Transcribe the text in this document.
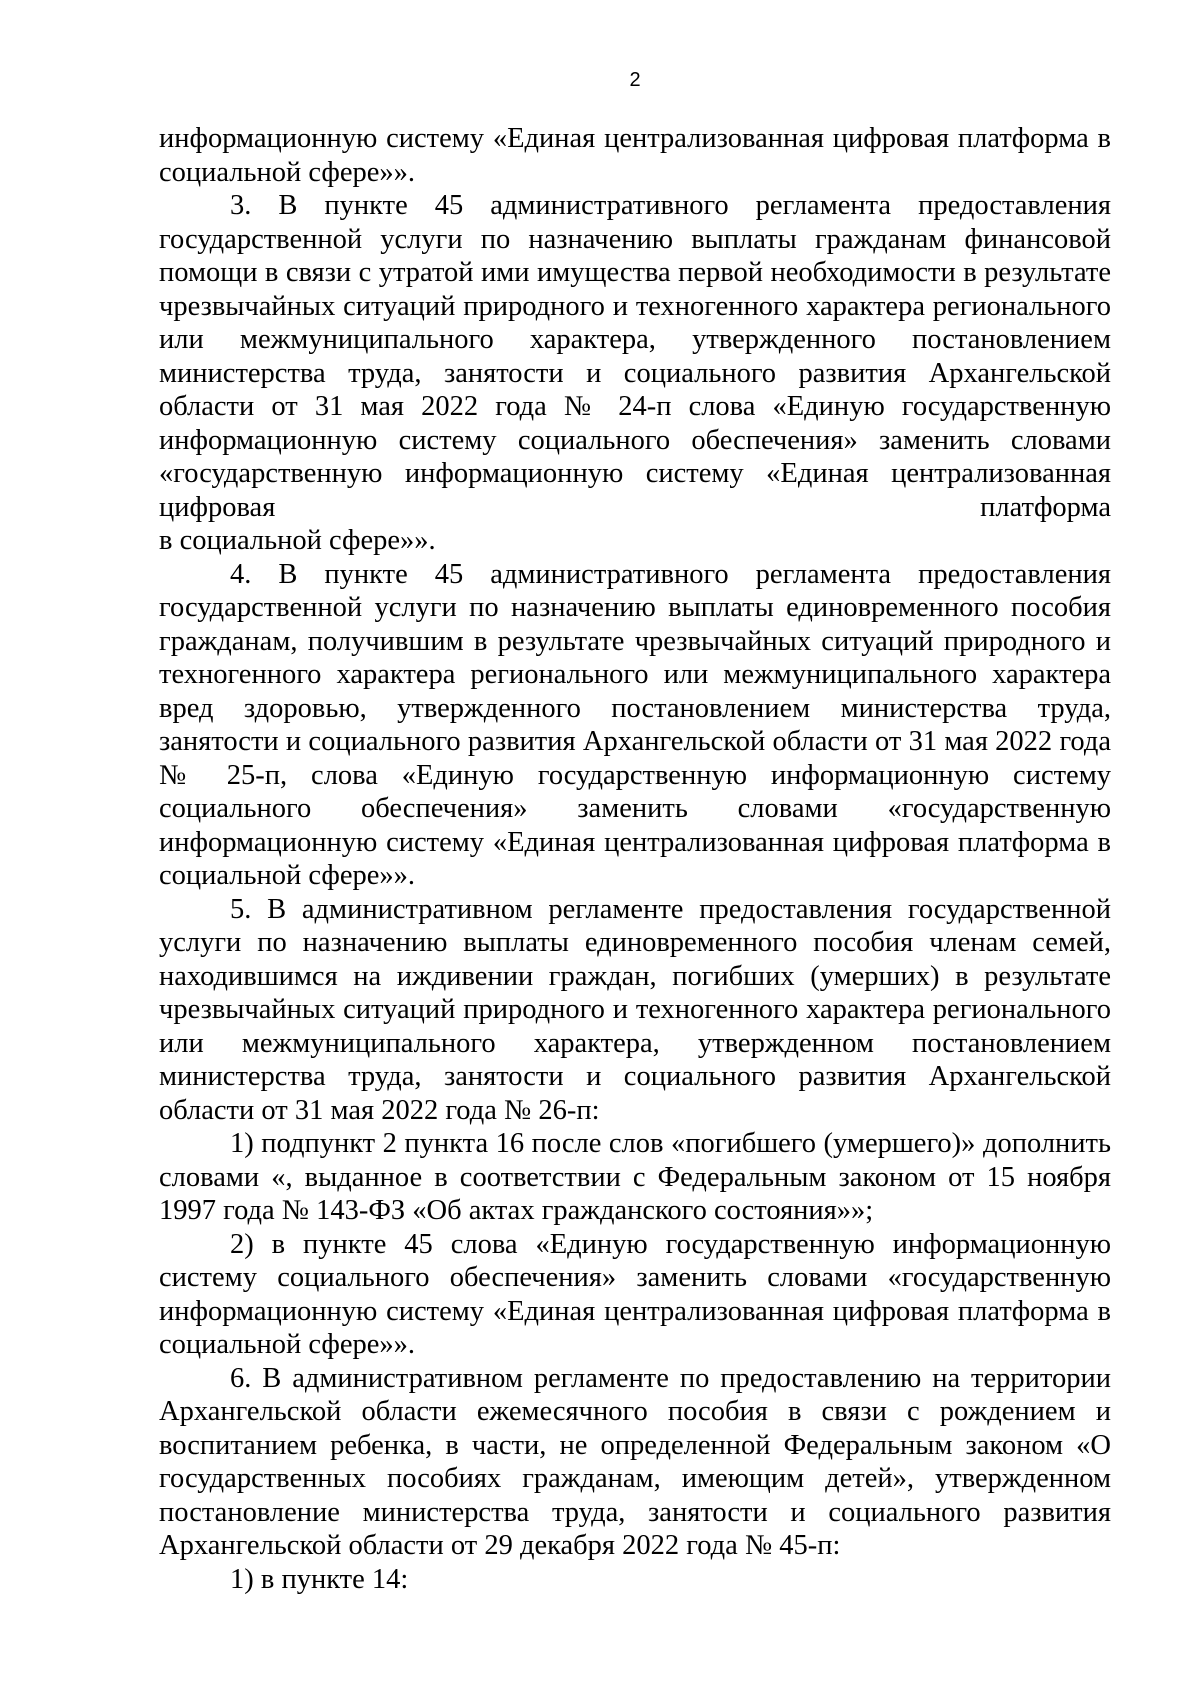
2

информационную систему «Единая централизованная цифровая платформа в социальной сфере»».

3. В пункте 45 административного регламента предоставления государственной услуги по назначению выплаты гражданам финансовой помощи в связи с утратой ими имущества первой необходимости в результате чрезвычайных ситуаций природного и техногенного характера регионального или межмуниципального характера, утвержденного постановлением министерства труда, занятости и социального развития Архангельской области от 31 мая 2022 года № 24-п слова «Единую государственную информационную систему социального обеспечения» заменить словами «государственную информационную систему «Единая централизованная цифровая платформа

в социальной сфере»».

4. В пункте 45 административного регламента предоставления государственной услуги по назначению выплаты единовременного пособия гражданам, получившим в результате чрезвычайных ситуаций природного и техногенного характера регионального или межмуниципального характера вред здоровью, утвержденного постановлением министерства труда, занятости и социального развития Архангельской области от 31 мая 2022 года № 25-п, слова «Единую государственную информационную систему социального обеспечения» заменить словами «государственную информационную систему «Единая централизованная цифровая платформа в социальной сфере»».

5. В административном регламенте предоставления государственной услуги по назначению выплаты единовременного пособия членам семей, находившимся на иждивении граждан, погибших (умерших) в результате чрезвычайных ситуаций природного и техногенного характера регионального или межмуниципального характера, утвержденном постановлением министерства труда, занятости и социального развития Архангельской области от 31 мая 2022 года № 26-п:

1) подпункт 2 пункта 16 после слов «погибшего (умершего)» дополнить словами «, выданное в соответствии с Федеральным законом от 15 ноября 1997 года № 143-ФЗ «Об актах гражданского состояния»»;

2) в пункте 45 слова «Единую государственную информационную систему социального обеспечения» заменить словами «государственную информационную систему «Единая централизованная цифровая платформа в социальной сфере»».

6. В административном регламенте по предоставлению на территории Архангельской области ежемесячного пособия в связи с рождением и воспитанием ребенка, в части, не определенной Федеральным законом «О государственных пособиях гражданам, имеющим детей», утвержденном постановление министерства труда, занятости и социального развития Архангельской области от 29 декабря 2022 года № 45-п:

1) в пункте 14:
